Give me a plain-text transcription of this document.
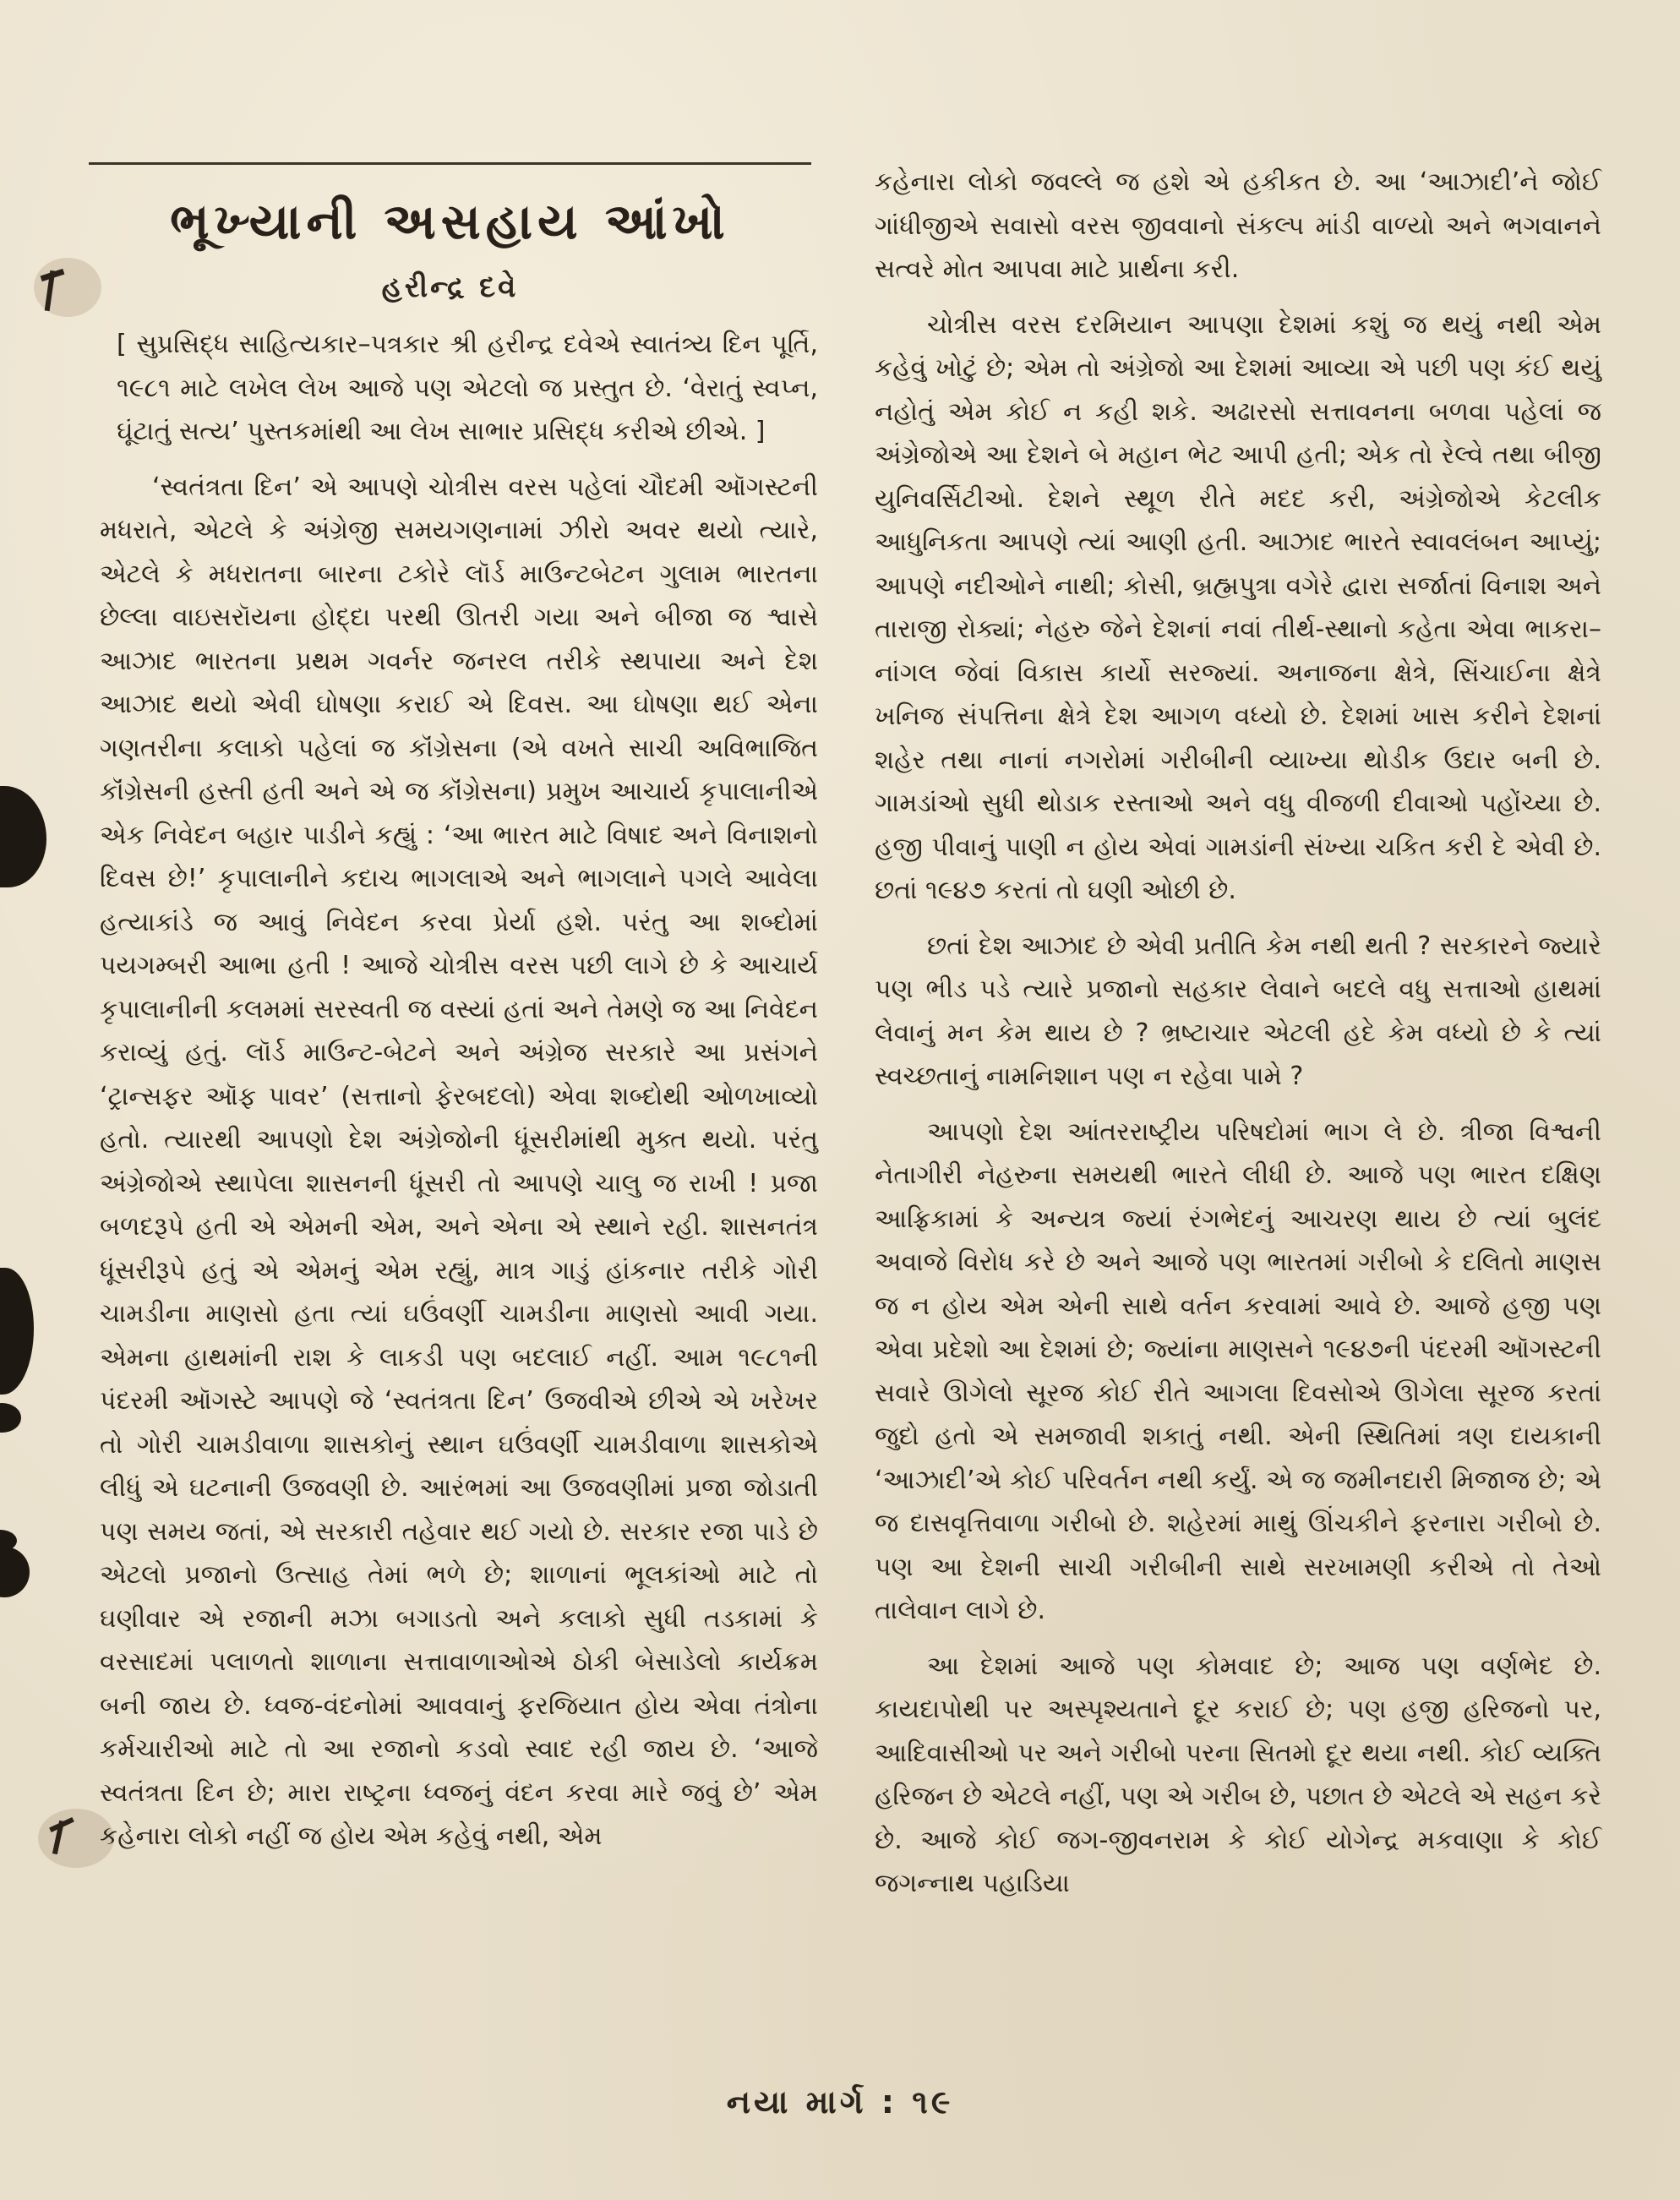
ભૂખ્યાની અસહાય આંખો
હરીન્દ્ર દવે

[ સુપ્રસિદ્ધ સાહિત્યકાર–પત્રકાર શ્રી હરીન્દ્ર દવેએ સ્વાતંત્ર્ય દિન પૂર્તિ, ૧૯૮૧ માટે લખેલ લેખ આજે પણ એટલો જ પ્રસ્તુત છે. ‘વેરાતું સ્વપ્ન, ઘૂંટાતું સત્ય’ પુસ્તકમાંથી આ લેખ સાભાર પ્રસિદ્ધ કરીએ છીએ. ]

‘સ્વતંત્રતા દિન’ એ આપણે ચોત્રીસ વરસ પહેલાં ચૌદમી ઑગસ્ટની મધરાતે, એટલે કે અંગ્રેજી સમયગણનામાં ઝીરો અવર થયો ત્યારે, એટલે કે મધરાતના બારના ટકોરે લૉર્ડ માઉન્ટબેટન ગુલામ ભારતના છેલ્લા વાઇસરૉયના હોદ્દા પરથી ઊતરી ગયા અને બીજા જ શ્વાસે આઝાદ ભારતના પ્રથમ ગવર્નર જનરલ તરીકે સ્થપાયા અને દેશ આઝાદ થયો એવી ઘોષણા કરાઈ એ દિવસ. આ ઘોષણા થઈ એના ગણતરીના કલાકો પહેલાં જ કૉંગ્રેસના (એ વખતે સાચી અવિભાજિત કૉંગ્રેસની હસ્તી હતી અને એ જ કૉંગ્રેસના) પ્રમુખ આચાર્ય કૃપાલાનીએ એક નિવેદન બહાર પાડીને કહ્યું : ‘આ ભારત માટે વિષાદ અને વિનાશનો દિવસ છે!’ કૃપાલાનીને કદાચ ભાગલાએ અને ભાગલાને પગલે આવેલા હત્યાકાંડે જ આવું નિવેદન કરવા પ્રેર્યા હશે. પરંતુ આ શબ્દોમાં પયગમ્બરી આભા હતી ! આજે ચોત્રીસ વરસ પછી લાગે છે કે આચાર્ય કૃપાલાનીની કલમમાં સરસ્વતી જ વસ્યાં હતાં અને તેમણે જ આ નિવેદન કરાવ્યું હતું. લૉર્ડ માઉન્ટ-બેટને અને અંગ્રેજ સરકારે આ પ્રસંગને ‘ટ્રાન્સફર ઑફ પાવર’ (સત્તાનો ફેરબદલો) એવા શબ્દોથી ઓળખાવ્યો હતો. ત્યારથી આપણો દેશ અંગ્રેજોની ધૂંસરીમાંથી મુક્ત થયો. પરંતુ અંગ્રેજોએ સ્થાપેલા શાસનની ધૂંસરી તો આપણે ચાલુ જ રાખી ! પ્રજા બળદરૂપે હતી એ એમની એમ, અને એના એ સ્થાને રહી. શાસનતંત્ર ધૂંસરીરૂપે હતું એ એમનું એમ રહ્યું, માત્ર ગાડું હાંકનાર તરીકે ગોરી ચામડીના માણસો હતા ત્યાં ઘઉંવર્ણી ચામડીના માણસો આવી ગયા. એમના હાથમાંની રાશ કે લાકડી પણ બદલાઈ નહીં. આમ ૧૯૮૧ની પંદરમી ઑગસ્ટે આપણે જે ‘સ્વતંત્રતા દિન’ ઉજવીએ છીએ એ ખરેખર તો ગોરી ચામડીવાળા શાસકોનું સ્થાન ઘઉંવર્ણી ચામડીવાળા શાસકોએ લીધું એ ઘટનાની ઉજવણી છે. આરંભમાં આ ઉજવણીમાં પ્રજા જોડાતી પણ સમય જતાં, એ સરકારી તહેવાર થઈ ગયો છે. સરકાર રજા પાડે છે એટલો પ્રજાનો ઉત્સાહ તેમાં ભળે છે; શાળાનાં ભૂલકાંઓ માટે તો ઘણીવાર એ રજાની મઝા બગાડતો અને કલાકો સુધી તડકામાં કે વરસાદમાં પલાળતો શાળાના સત્તાવાળાઓએ ઠોકી બેસાડેલો કાર્યક્રમ બની જાય છે. ધ્વજ-વંદનોમાં આવવાનું ફરજિયાત હોય એવા તંત્રોના કર્મચારીઓ માટે તો આ રજાનો કડવો સ્વાદ રહી જાય છે. ‘આજે સ્વતંત્રતા દિન છે; મારા રાષ્ટ્રના ધ્વજનું વંદન કરવા મારે જવું છે’ એમ કહેનારા લોકો નહીં જ હોય એમ કહેવું નથી, એમ

કહેનારા લોકો જવલ્લે જ હશે એ હકીકત છે. આ ‘આઝાદી’ને જોઈ ગાંધીજીએ સવાસો વરસ જીવવાનો સંકલ્પ માંડી વાળ્યો અને ભગવાનને સત્વરે મોત આપવા માટે પ્રાર્થના કરી.

ચોત્રીસ વરસ દરમિયાન આપણા દેશમાં કશું જ થયું નથી એમ કહેવું ખોટું છે; એમ તો અંગ્રેજો આ દેશમાં આવ્યા એ પછી પણ કંઈ થયું નહોતું એમ કોઈ ન કહી શકે. અઢારસો સત્તાવનના બળવા પહેલાં જ અંગ્રેજોએ આ દેશને બે મહાન ભેટ આપી હતી; એક તો રેલ્વે તથા બીજી યુનિવર્સિટીઓ. દેશને સ્થૂળ રીતે મદદ કરી, અંગ્રેજોએ કેટલીક આધુનિકતા આપણે ત્યાં આણી હતી. આઝાદ ભારતે સ્વાવલંબન આપ્યું; આપણે નદીઓને નાથી; કોસી, બ્રહ્મપુત્રા વગેરે દ્વારા સર્જાતાં વિનાશ અને તારાજી રોક્યાં; નેહરુ જેને દેશનાં નવાં તીર્થ-સ્થાનો કહેતા એવા ભાકરા–નાંગલ જેવાં વિકાસ કાર્યો સરજ્યાં. અનાજના ક્ષેત્રે, સિંચાઈના ક્ષેત્રે ખનિજ સંપત્તિના ક્ષેત્રે દેશ આગળ વધ્યો છે. દેશમાં ખાસ કરીને દેશનાં શહેર તથા નાનાં નગરોમાં ગરીબીની વ્યાખ્યા થોડીક ઉદાર બની છે. ગામડાંઓ સુધી થોડાક રસ્તાઓ અને વધુ વીજળી દીવાઓ પહોંચ્યા છે. હજી પીવાનું પાણી ન હોય એવાં ગામડાંની સંખ્યા ચકિત કરી દે એવી છે. છતાં ૧૯૪૭ કરતાં તો ઘણી ઓછી છે.

છતાં દેશ આઝાદ છે એવી પ્રતીતિ કેમ નથી થતી ? સરકારને જ્યારે પણ ભીડ પડે ત્યારે પ્રજાનો સહકાર લેવાને બદલે વધુ સત્તાઓ હાથમાં લેવાનું મન કેમ થાય છે ? ભ્રષ્ટાચાર એટલી હદે કેમ વધ્યો છે કે ત્યાં સ્વચ્છતાનું નામનિશાન પણ ન રહેવા પામે ?

આપણો દેશ આંતરરાષ્ટ્રીય પરિષદોમાં ભાગ લે છે. ત્રીજા વિશ્વની નેતાગીરી નેહરુના સમયથી ભારતે લીધી છે. આજે પણ ભારત દક્ષિણ આફ્રિકામાં કે અન્યત્ર જ્યાં રંગભેદનું આચરણ થાય છે ત્યાં બુલંદ અવાજે વિરોધ કરે છે અને આજે પણ ભારતમાં ગરીબો કે દલિતો માણસ જ ન હોય એમ એની સાથે વર્તન કરવામાં આવે છે. આજે હજી પણ એવા પ્રદેશો આ દેશમાં છે; જ્યાંના માણસને ૧૯૪૭ની પંદરમી ઑગસ્ટની સવારે ઊગેલો સૂરજ કોઈ રીતે આગલા દિવસોએ ઊગેલા સૂરજ કરતાં જુદો હતો એ સમજાવી શકાતું નથી. એની સ્થિતિમાં ત્રણ દાયકાની ‘આઝાદી’એ કોઈ પરિવર્તન નથી કર્યું. એ જ જમીનદારી મિજાજ છે; એ જ દાસવૃત્તિવાળા ગરીબો છે. શહેરમાં માથું ઊંચકીને ફરનારા ગરીબો છે. પણ આ દેશની સાચી ગરીબીની સાથે સરખામણી કરીએ તો તેઓ તાલેવાન લાગે છે.

આ દેશમાં આજે પણ કોમવાદ છે; આજ પણ વર્ણભેદ છે. કાયદાપોથી પર અસ્પૃશ્યતાને દૂર કરાઈ છે; પણ હજી હરિજનો પર, આદિવાસીઓ પર અને ગરીબો પરના સિતમો દૂર થયા નથી. કોઈ વ્યક્તિ હરિજન છે એટલે નહીં, પણ એ ગરીબ છે, પછાત છે એટલે એ સહન કરે છે. આજે કોઈ જગ-જીવનરામ કે કોઈ યોગેન્દ્ર મકવાણા કે કોઈ જગન્નાથ પહાડિયા

નયા માર્ગ : ૧૯
